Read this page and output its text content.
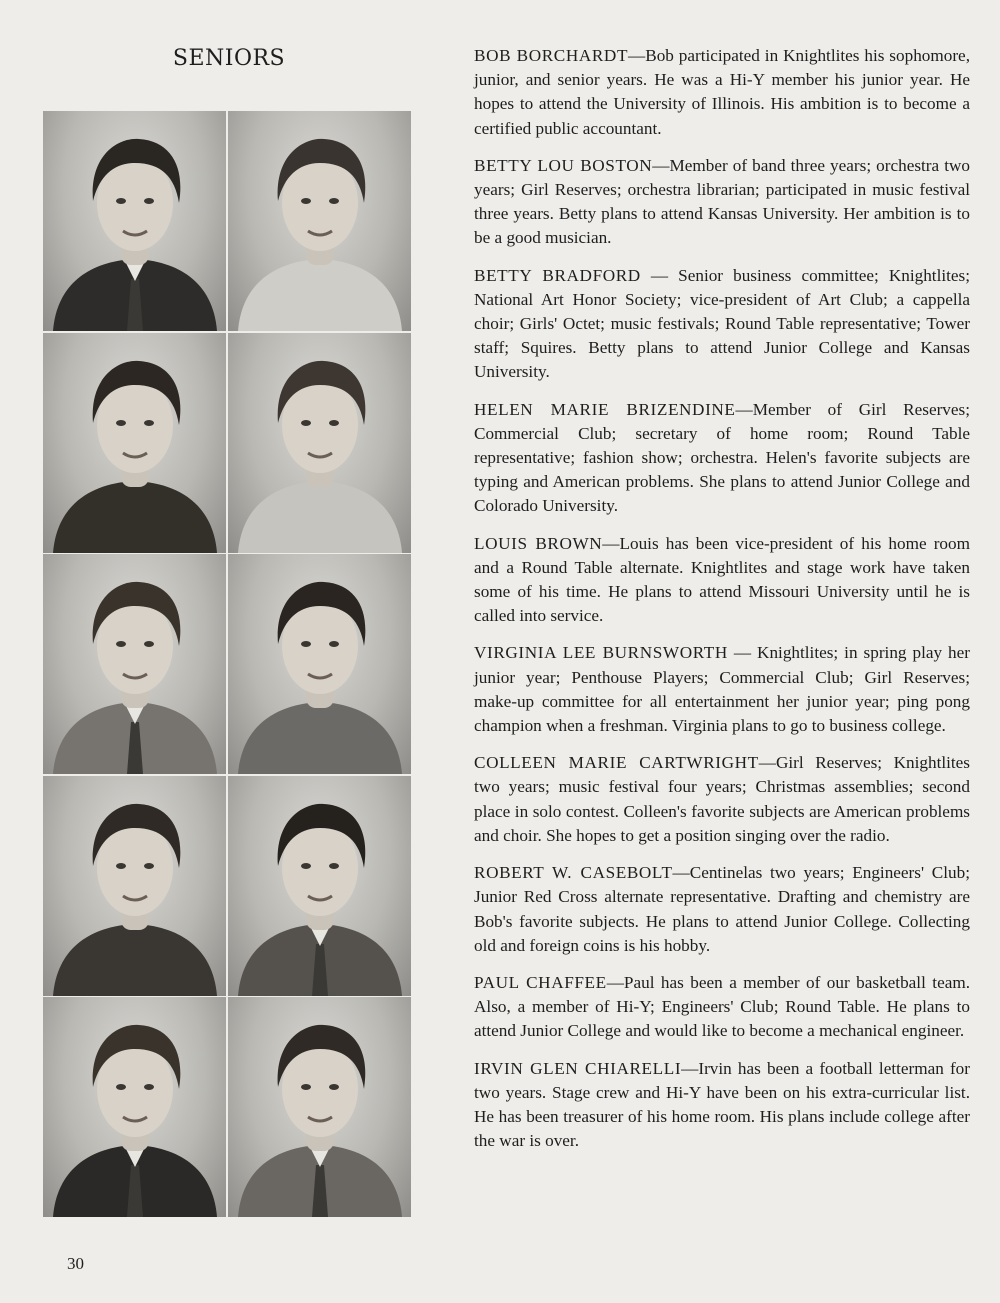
SENIORS	BOB BORCHARDT—Bob participated in Knightlites his sophomore, junior, and senior years. He was a Hi-Y member his junior year. He hopes to attend the University of Illinois. His ambition is to become a certified public accountant.

BETTY LOU BOSTON—Member of band three years; orchestra two years; Girl Reserves; orchestra librarian; participated in music festival three years. Betty plans to attend Kansas University. Her ambition is to be a good musician.

BETTY BRADFORD — Senior business committee; Knightlites; National Art Honor Society; vice-president of Art Club; a cappella choir; Girls' Octet; music festivals; Round Table representative; Tower staff; Squires. Betty plans to attend Junior College and Kansas University.

HELEN MARIE BRIZENDINE—Member of Girl Reserves; Commercial Club; secretary of home room; Round Table representative; fashion show; orchestra. Helen's favorite subjects are typing and American problems. She plans to attend Junior College and Colorado University.

LOUIS BROWN—Louis has been vice-president of his home room and a Round Table alternate. Knightlites and stage work have taken some of his time. He plans to attend Missouri University until he is called into service.

VIRGINIA LEE BURNSWORTH — Knightlites; in spring play her junior year; Penthouse Players; Commercial Club; Girl Reserves; make-up committee for all entertainment her junior year; ping pong champion when a freshman. Virginia plans to go to business college.

COLLEEN MARIE CARTWRIGHT—Girl Reserves; Knightlites two years; music festival four years; Christmas assemblies; second place in solo contest. Colleen's favorite subjects are American problems and choir. She hopes to get a position singing over the radio.

ROBERT W. CASEBOLT—Centinelas two years; Engineers' Club; Junior Red Cross alternate representative. Drafting and chemistry are Bob's favorite subjects. He plans to attend Junior College. Collecting old and foreign coins is his hobby.

PAUL CHAFFEE—Paul has been a member of our basketball team. Also, a member of Hi-Y; Engineers' Club; Round Table. He plans to attend Junior College and would like to become a mechanical engineer.

IRVIN GLEN CHIARELLI—Irvin has been a football letterman for two years. Stage crew and Hi-Y have been on his extra-curricular list. He has been treasurer of his home room. His plans include college after the war is over.

30
